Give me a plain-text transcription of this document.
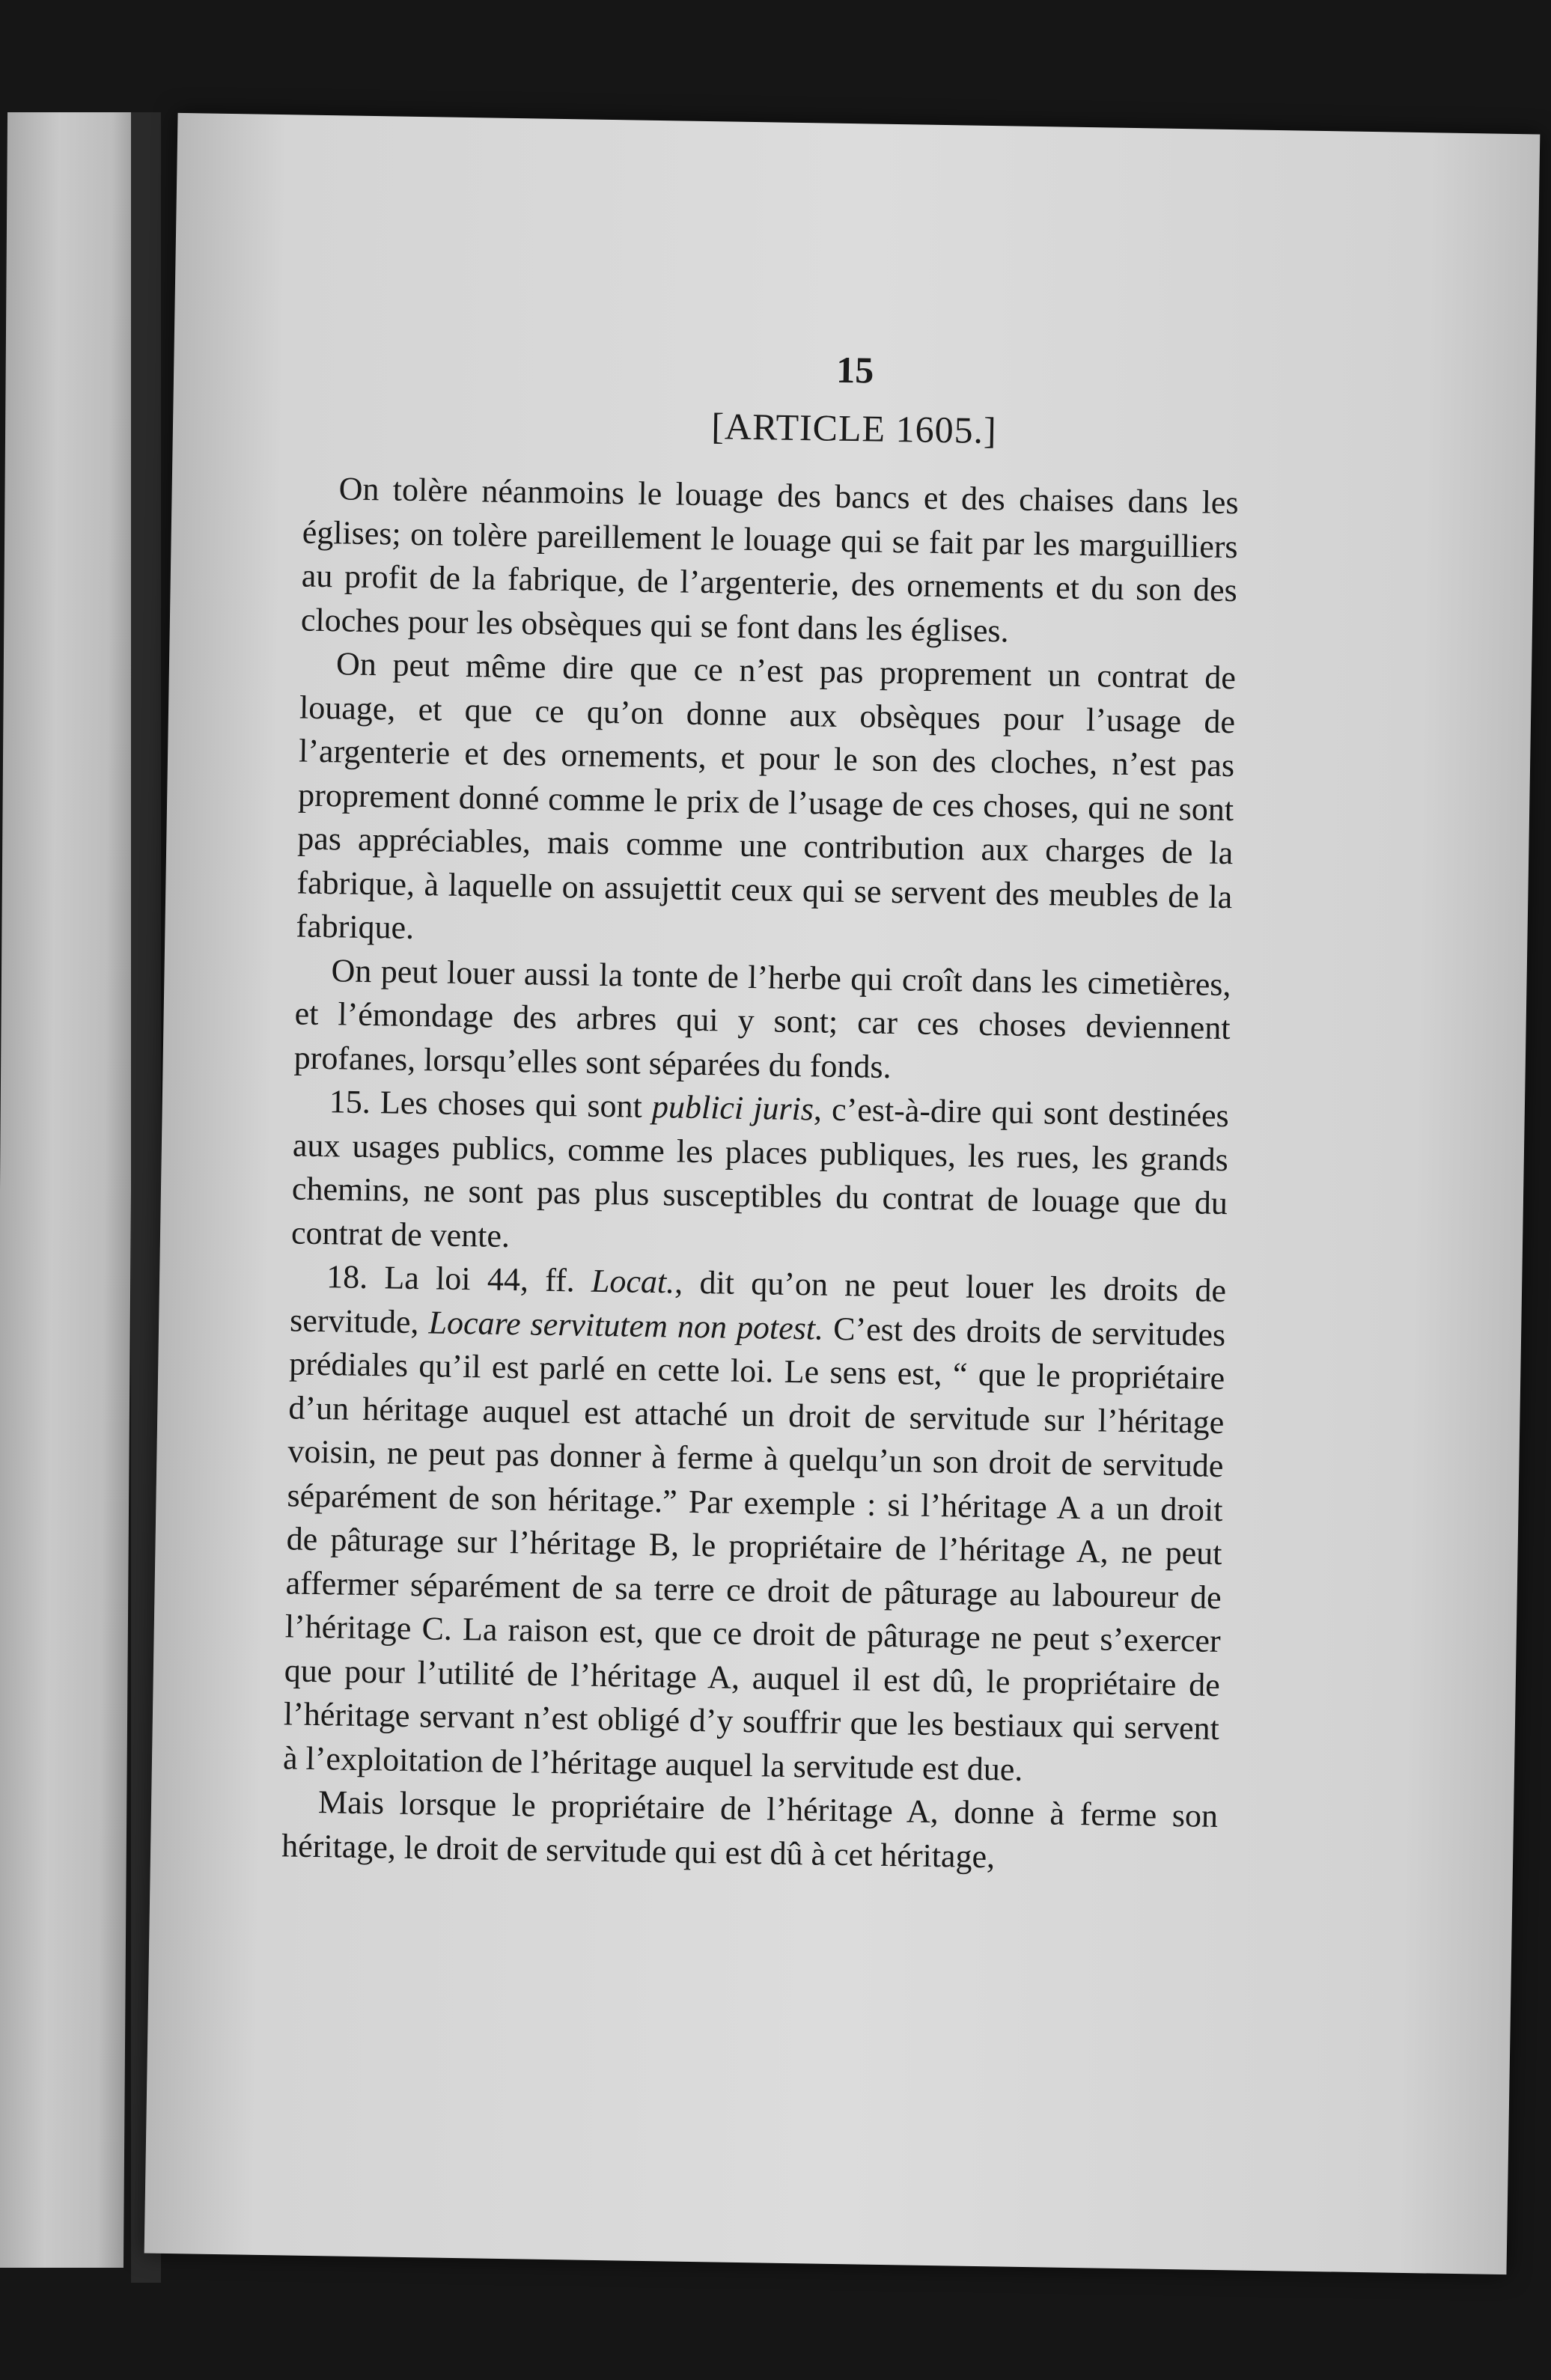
15
[ARTICLE 1605.]

On tolère néanmoins le louage des bancs et des chaises dans les églises; on tolère pareillement le louage qui se fait par les marguilliers au profit de la fabrique, de l’argenterie, des ornements et du son des cloches pour les obsèques qui se font dans les églises.

On peut même dire que ce n’est pas proprement un contrat de louage, et que ce qu’on donne aux obsèques pour l’usage de l’argenterie et des ornements, et pour le son des cloches, n’est pas proprement donné comme le prix de l’usage de ces choses, qui ne sont pas appréciables, mais comme une contribution aux charges de la fabrique, à laquelle on assujettit ceux qui se servent des meubles de la fabrique.

On peut louer aussi la tonte de l’herbe qui croît dans les cimetières, et l’émondage des arbres qui y sont; car ces choses deviennent profanes, lorsqu’elles sont séparées du fonds.

15. Les choses qui sont publici juris, c’est-à-dire qui sont destinées aux usages publics, comme les places publiques, les rues, les grands chemins, ne sont pas plus susceptibles du contrat de louage que du contrat de vente.

18. La loi 44, ff. Locat., dit qu’on ne peut louer les droits de servitude, Locare servitutem non potest. C’est des droits de servitudes prédiales qu’il est parlé en cette loi. Le sens est, “ que le propriétaire d’un héritage auquel est attaché un droit de servitude sur l’héritage voisin, ne peut pas donner à ferme à quelqu’un son droit de servitude séparément de son héritage.” Par exemple : si l’héritage A a un droit de pâturage sur l’héritage B, le propriétaire de l’héritage A, ne peut affermer séparément de sa terre ce droit de pâturage au laboureur de l’héritage C. La raison est, que ce droit de pâturage ne peut s’exercer que pour l’utilité de l’héritage A, auquel il est dû, le propriétaire de l’héritage servant n’est obligé d’y souffrir que les bestiaux qui servent à l’exploitation de l’héritage auquel la servitude est due.

Mais lorsque le propriétaire de l’héritage A, donne à ferme son héritage, le droit de servitude qui est dû à cet héritage,
